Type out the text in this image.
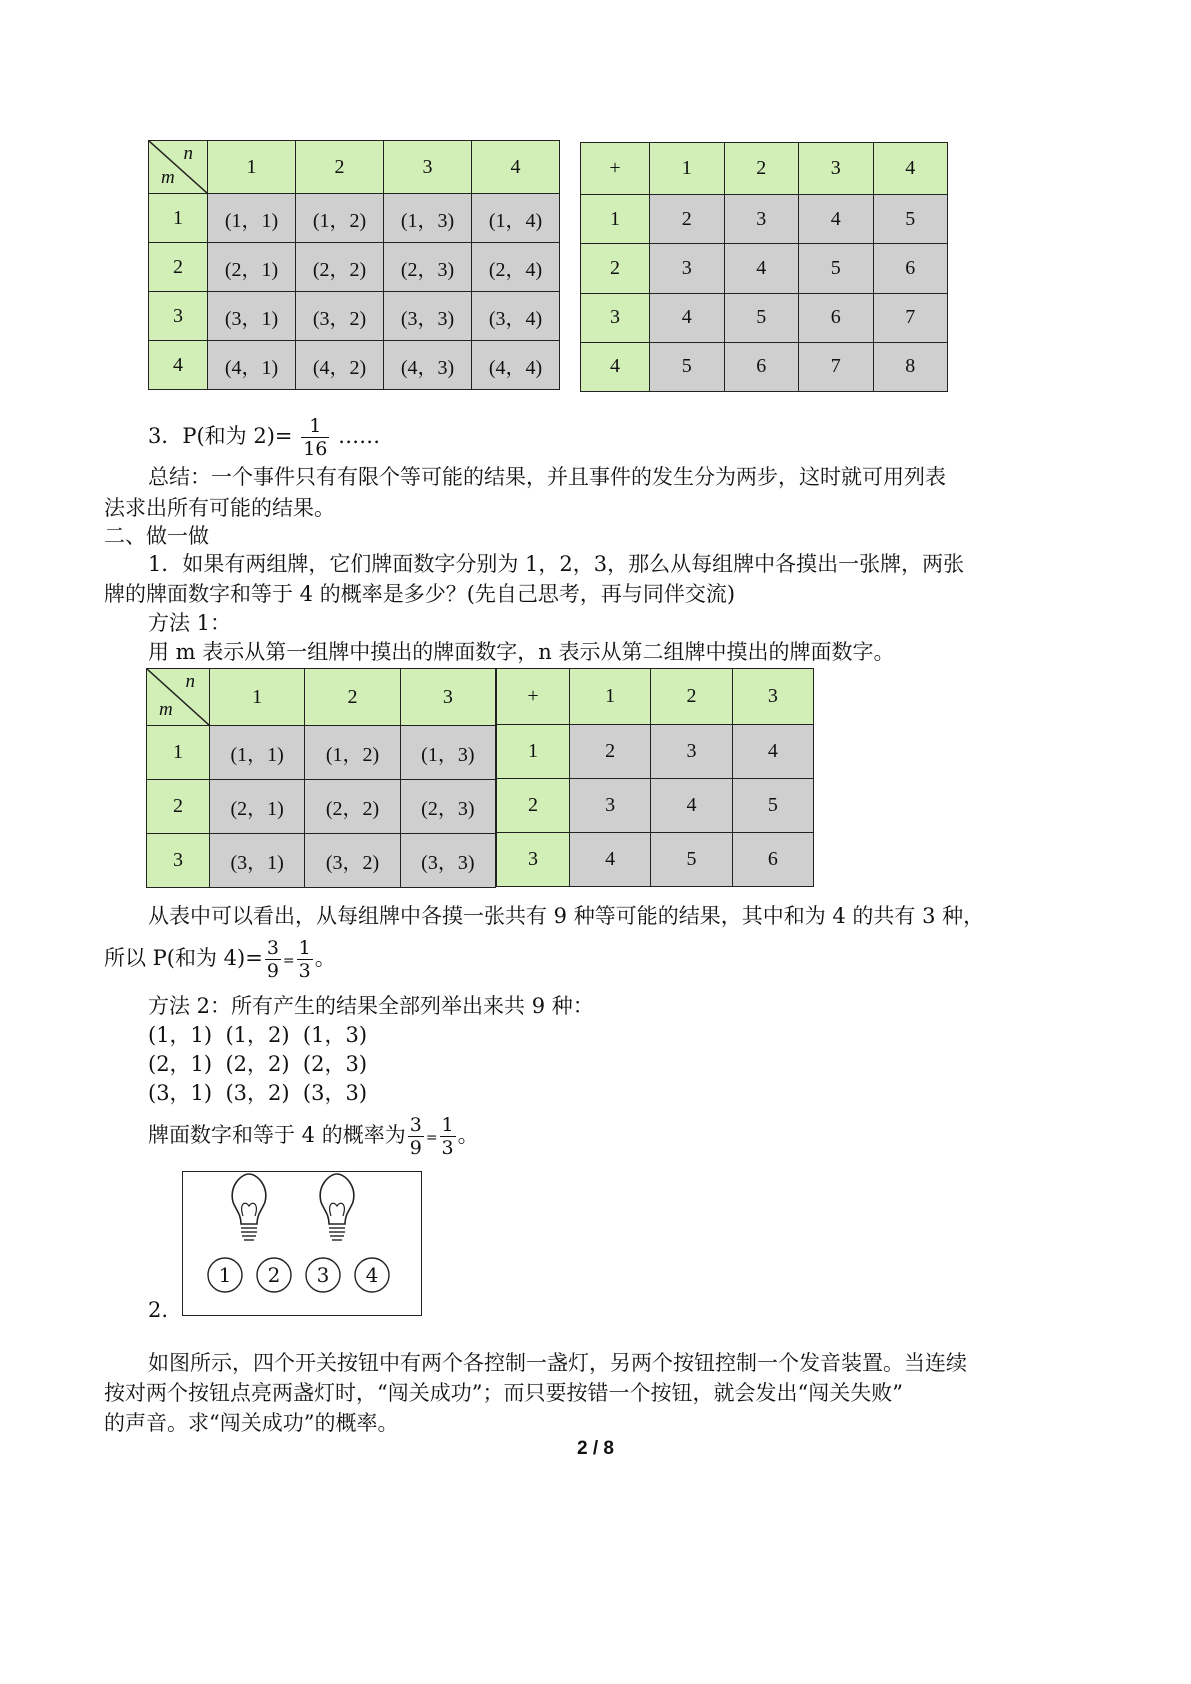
n
m	1	2	3	4
1	(1，1)	(1，2)	(1，3)	(1，4)
2	(2，1)	(2，2)	(2，3)	(2，4)
3	(3，1)	(3，2)	(3，3)	(3，4)
4	(4，1)	(4，2)	(4，3)	(4，4)
+	1	2	3	4
1	2	3	4	5
2	3	4	5	6
3	4	5	6	7
4	5	6	7	8
3．P(和为 $2)= \frac{1}{16}$ ……
总结：一个事件只有有限个等可能的结果，并且事件的发生分为两步，这时就可用列表
法求出所有可能的结果。
二、做一做
1．如果有两组牌，它们牌面数字分别为 1，2，3，那么从每组牌中各摸出一张牌，两张
牌的牌面数字和等于 4 的概率是多少？(先自己思考，再与同伴交流)
方法 1：
用 m 表示从第一组牌中摸出的牌面数字，n 表示从第二组牌中摸出的牌面数字。
n
m	1	2	3
1	(1，1)	(1，2)	(1，3)
2	(2，1)	(2，2)	(2，3)
3	(3，1)	(3，2)	(3，3)
+	1	2	3
1	2	3	4
2	3	4	5
3	4	5	6
从表中可以看出，从每组牌中各摸一张共有 9 种等可能的结果，其中和为 4 的共有 3 种，
所以 P(和为 $4)= \frac{3}{9} = \frac{1}{3}$ 。
方法 2：所有产生的结果全部列举出来共 9 种：
(1，1)  (1，2)  (1，3)
(2，1)  (2，2)  (2，3)
(3，1)  (3，2)  (3，3)
牌面数字和等于 4 的概率为 $\frac{3}{9} = \frac{1}{3}$ 。
2.
1	2	3	4
如图所示，四个开关按钮中有两个各控制一盏灯，另两个按钮控制一个发音装置。当连续
按对两个按钮点亮两盏灯时，“闯关成功”；而只要按错一个按钮，就会发出“闯关失败”
的声音。求“闯关成功”的概率。
2 / 8
